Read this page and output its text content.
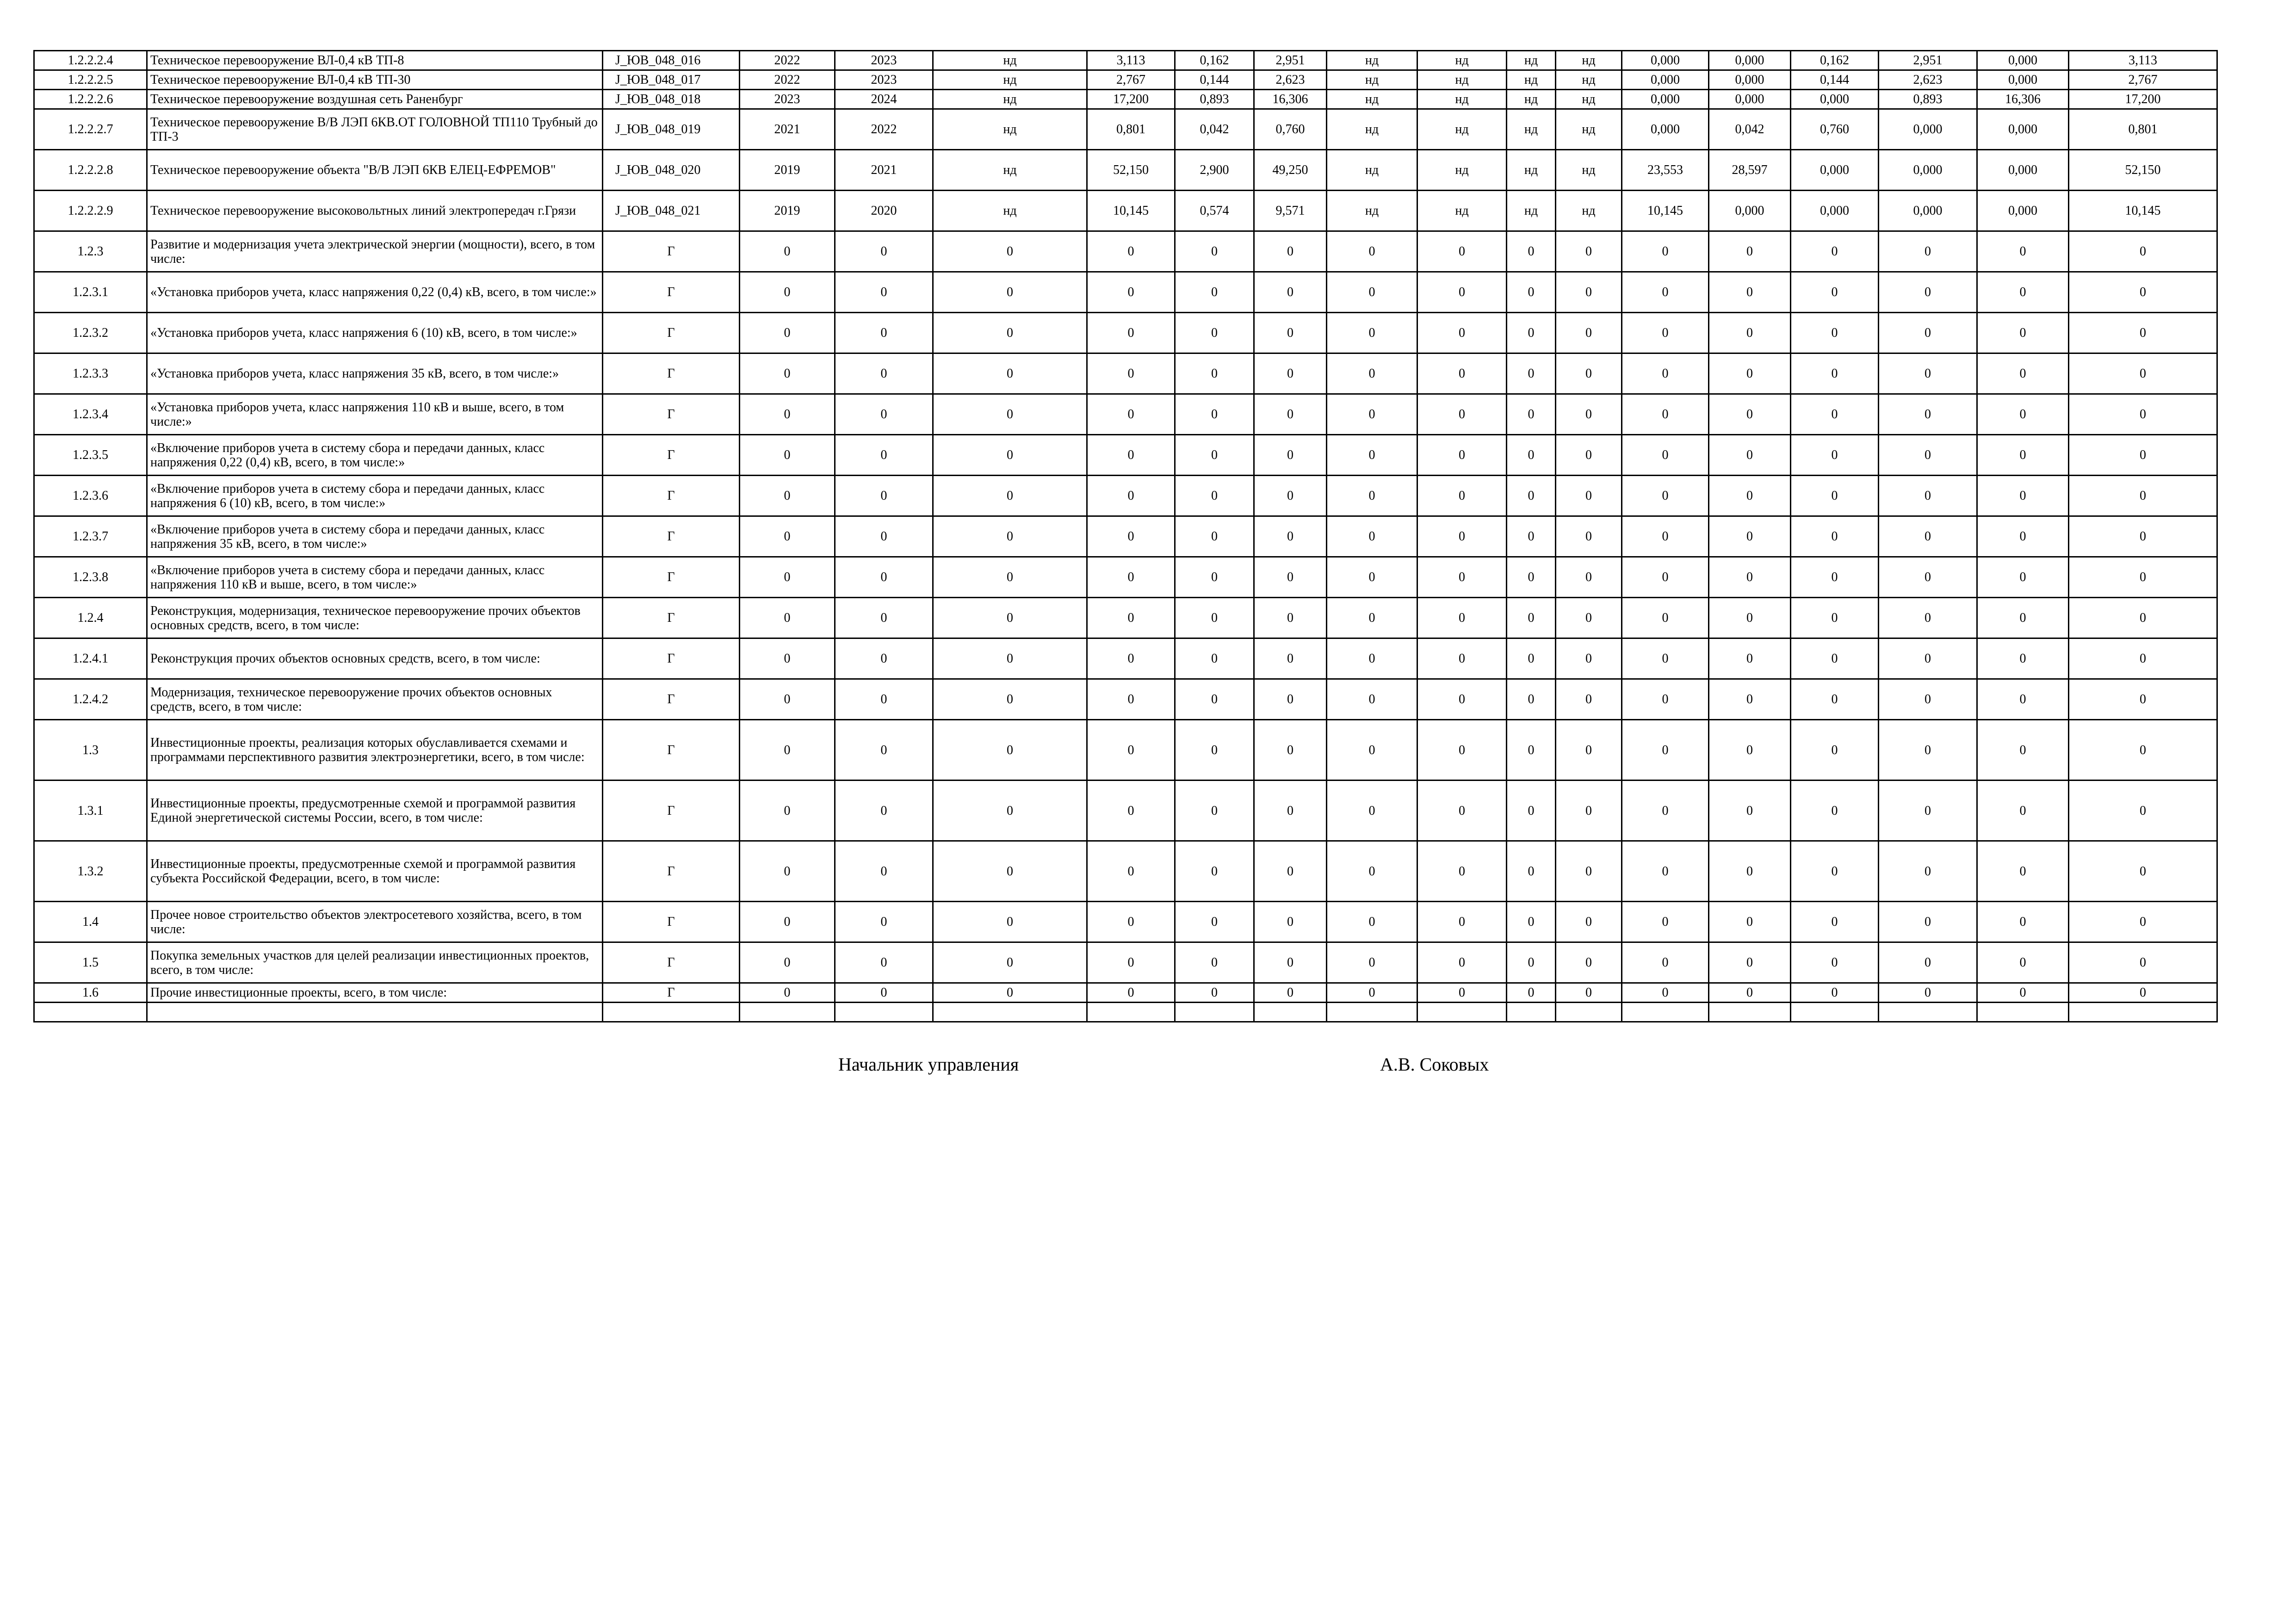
1.2.2.2.4	Техническое перевооружение ВЛ-0,4 кВ ТП-8	J_ЮВ_048_016	2022	2023	нд	3,113	0,162	2,951	нд	нд	нд	нд	0,000	0,000	0,162	2,951	0,000	3,113
1.2.2.2.5	Техническое перевооружение ВЛ-0,4 кВ ТП-30	J_ЮВ_048_017	2022	2023	нд	2,767	0,144	2,623	нд	нд	нд	нд	0,000	0,000	0,144	2,623	0,000	2,767
1.2.2.2.6	Техническое перевооружение воздушная сеть Раненбург	J_ЮВ_048_018	2023	2024	нд	17,200	0,893	16,306	нд	нд	нд	нд	0,000	0,000	0,000	0,893	16,306	17,200
1.2.2.2.7	Техническое перевооружение В/В ЛЭП 6КВ.ОТ ГОЛОВНОЙ ТП110 Трубный до ТП-3	J_ЮВ_048_019	2021	2022	нд	0,801	0,042	0,760	нд	нд	нд	нд	0,000	0,042	0,760	0,000	0,000	0,801
1.2.2.2.8	Техническое перевооружение объекта "В/В ЛЭП 6КВ ЕЛЕЦ-ЕФРЕМОВ"	J_ЮВ_048_020	2019	2021	нд	52,150	2,900	49,250	нд	нд	нд	нд	23,553	28,597	0,000	0,000	0,000	52,150
1.2.2.2.9	Техническое перевооружение высоковольтных линий электропередач г.Грязи	J_ЮВ_048_021	2019	2020	нд	10,145	0,574	9,571	нд	нд	нд	нд	10,145	0,000	0,000	0,000	0,000	10,145
1.2.3	Развитие и модернизация учета электрической энергии (мощности), всего, в том числе:	Г	0	0	0	0	0	0	0	0	0	0	0	0	0	0	0	0
1.2.3.1	«Установка приборов учета, класс напряжения 0,22 (0,4) кВ, всего, в том числе:»	Г	0	0	0	0	0	0	0	0	0	0	0	0	0	0	0	0
1.2.3.2	«Установка приборов учета, класс напряжения 6 (10) кВ, всего, в том числе:»	Г	0	0	0	0	0	0	0	0	0	0	0	0	0	0	0	0
1.2.3.3	«Установка приборов учета, класс напряжения 35 кВ, всего, в том числе:»	Г	0	0	0	0	0	0	0	0	0	0	0	0	0	0	0	0
1.2.3.4	«Установка приборов учета, класс напряжения 110 кВ и выше, всего, в том числе:»	Г	0	0	0	0	0	0	0	0	0	0	0	0	0	0	0	0
1.2.3.5	«Включение приборов учета в систему сбора и передачи данных, класс напряжения 0,22 (0,4) кВ, всего, в том числе:»	Г	0	0	0	0	0	0	0	0	0	0	0	0	0	0	0	0
1.2.3.6	«Включение приборов учета в систему сбора и передачи данных, класс напряжения 6 (10) кВ, всего, в том числе:»	Г	0	0	0	0	0	0	0	0	0	0	0	0	0	0	0	0
1.2.3.7	«Включение приборов учета в систему сбора и передачи данных, класс напряжения 35 кВ, всего, в том числе:»	Г	0	0	0	0	0	0	0	0	0	0	0	0	0	0	0	0
1.2.3.8	«Включение приборов учета в систему сбора и передачи данных, класс напряжения 110 кВ и выше, всего, в том числе:»	Г	0	0	0	0	0	0	0	0	0	0	0	0	0	0	0	0
1.2.4	Реконструкция, модернизация, техническое перевооружение прочих объектов основных средств, всего, в том числе:	Г	0	0	0	0	0	0	0	0	0	0	0	0	0	0	0	0
1.2.4.1	Реконструкция прочих объектов основных средств, всего, в том числе:	Г	0	0	0	0	0	0	0	0	0	0	0	0	0	0	0	0
1.2.4.2	Модернизация, техническое перевооружение прочих объектов основных средств, всего, в том числе:	Г	0	0	0	0	0	0	0	0	0	0	0	0	0	0	0	0
1.3	Инвестиционные проекты, реализация которых обуславливается схемами и программами перспективного развития электроэнергетики, всего, в том числе:	Г	0	0	0	0	0	0	0	0	0	0	0	0	0	0	0	0
1.3.1	Инвестиционные проекты, предусмотренные схемой и программой развития Единой энергетической системы России, всего, в том числе:	Г	0	0	0	0	0	0	0	0	0	0	0	0	0	0	0	0
1.3.2	Инвестиционные проекты, предусмотренные схемой и программой развития субъекта Российской Федерации, всего, в том числе:	Г	0	0	0	0	0	0	0	0	0	0	0	0	0	0	0	0
1.4	Прочее новое строительство объектов электросетевого хозяйства, всего, в том числе:	Г	0	0	0	0	0	0	0	0	0	0	0	0	0	0	0	0
1.5	Покупка земельных участков для целей реализации инвестиционных проектов, всего, в том числе:	Г	0	0	0	0	0	0	0	0	0	0	0	0	0	0	0	0
1.6	Прочие инвестиционные проекты, всего, в том числе:	Г	0	0	0	0	0	0	0	0	0	0	0	0	0	0	0	0

Начальник управления	А.В. Соковых
